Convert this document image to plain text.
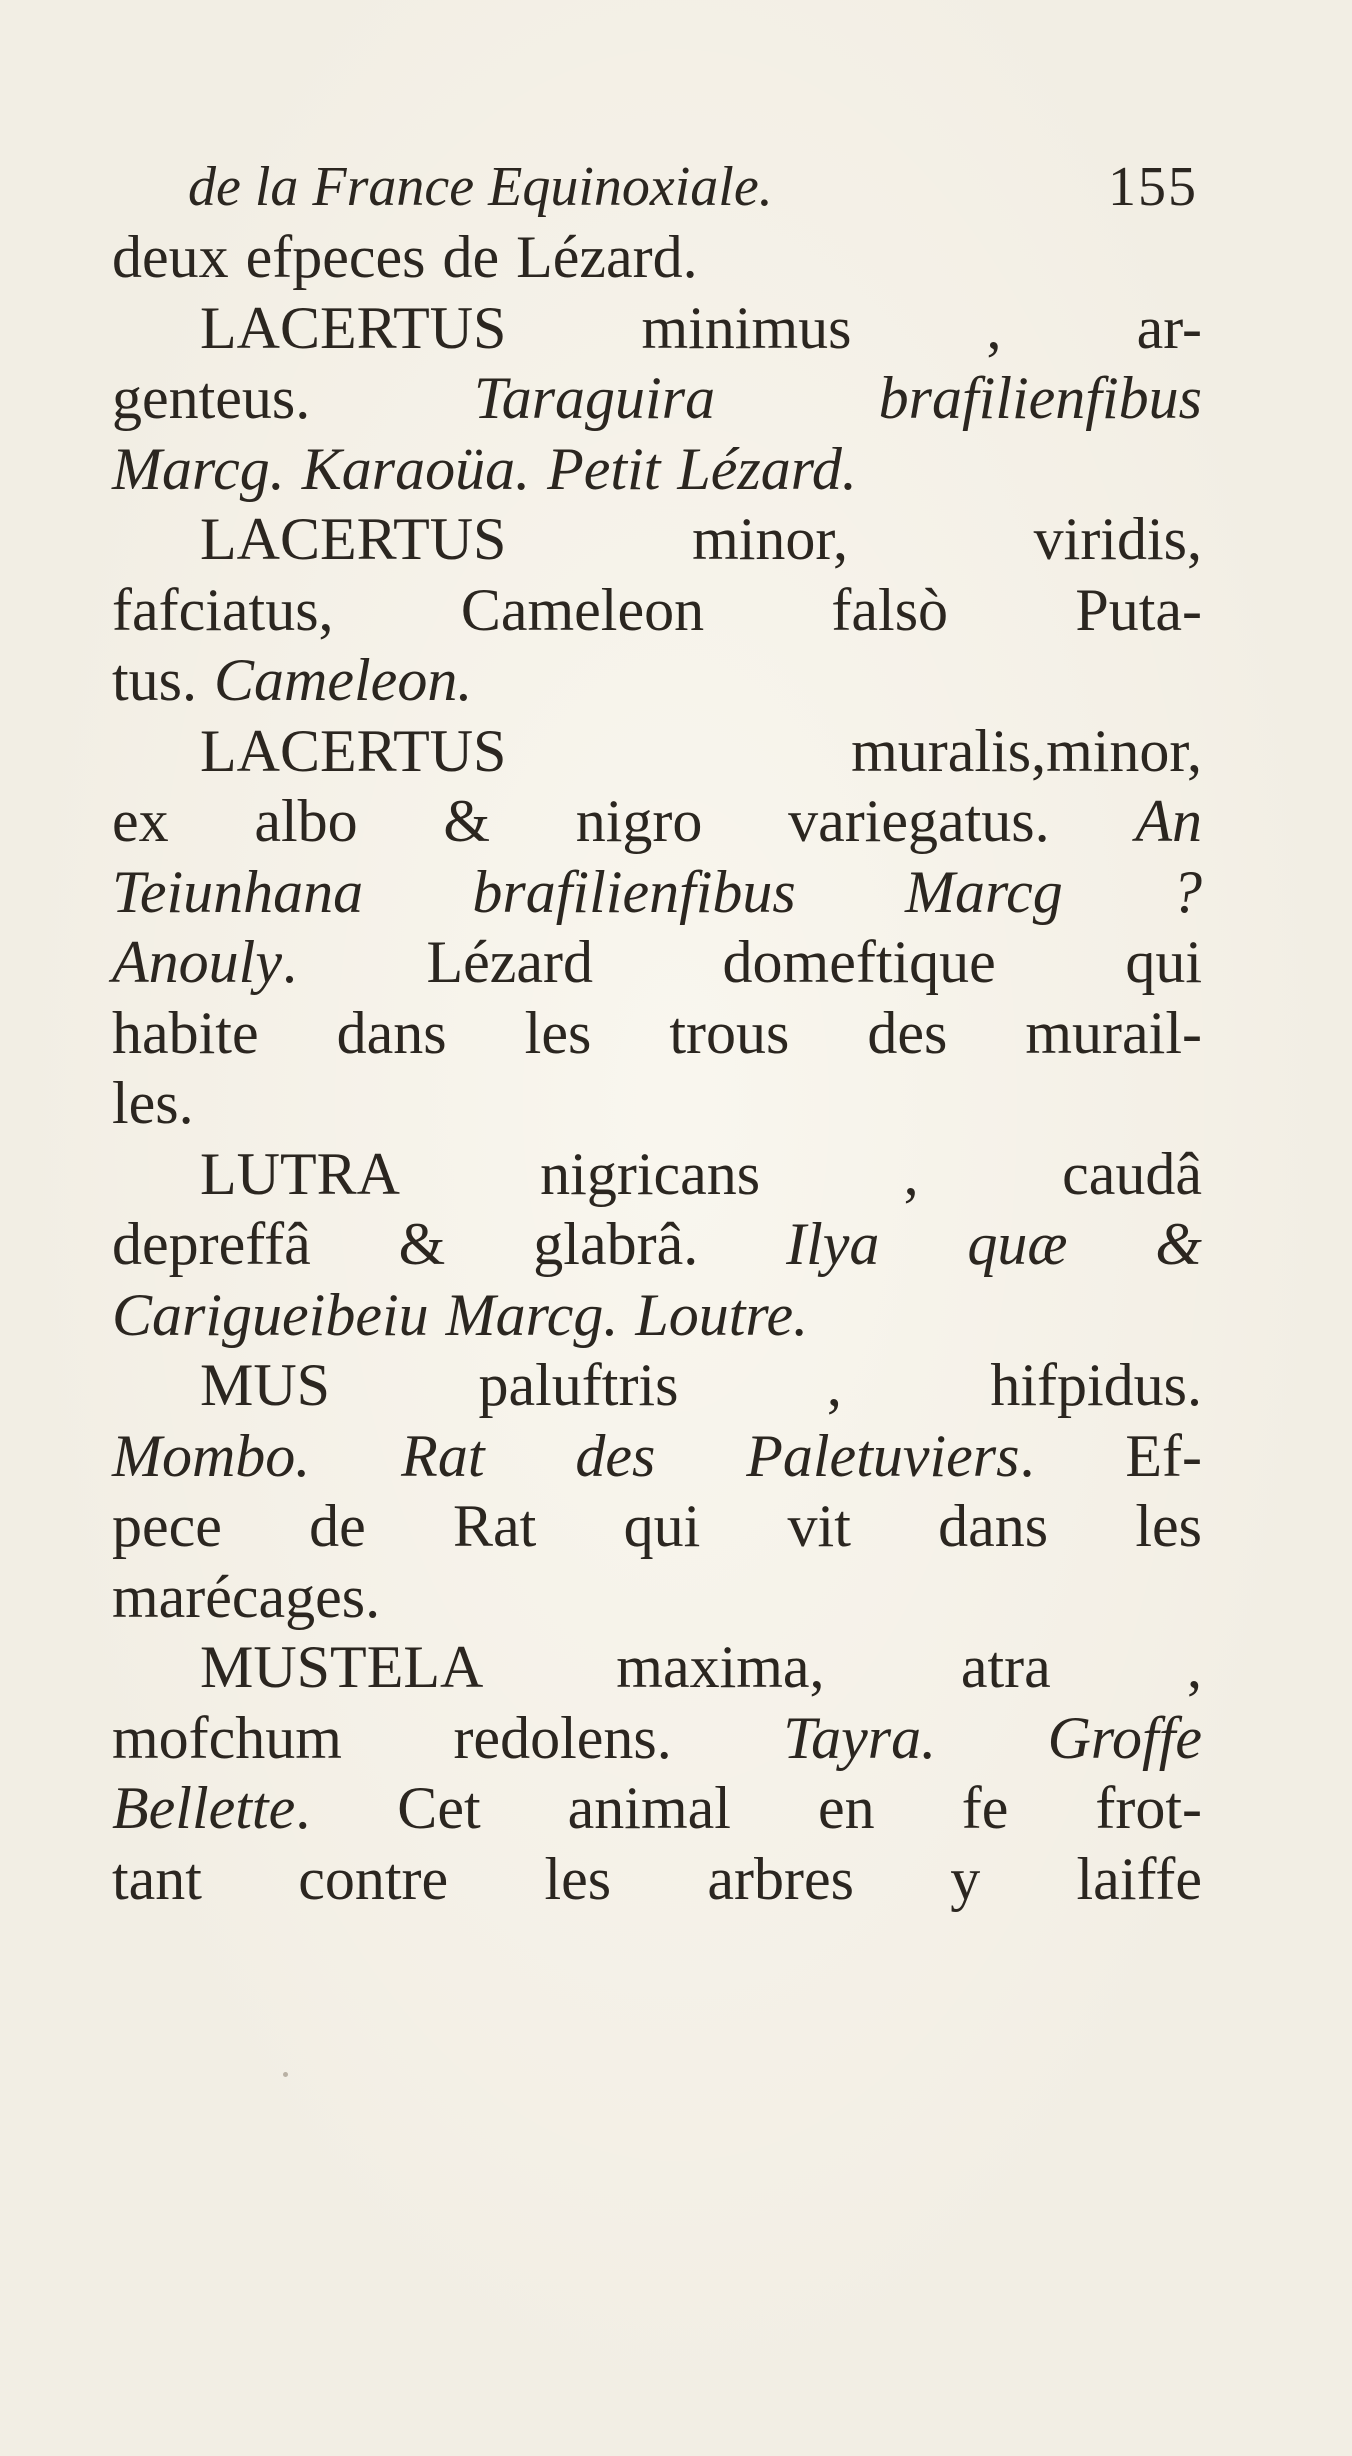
de la France Equinoxiale.	155
deux efpeces de Lézard.
LACERTUS minimus , ar-
genteus. Taraguira brafilienfibus
Marcg. Karaoüa. Petit Lézard.
LACERTUS minor, viridis,
fafciatus, Cameleon falsò Puta-
tus. Cameleon.
LACERTUS muralis,minor,
ex albo & nigro variegatus. An
Teiunhana brafilienfibus Marcg ?
Anouly. Lézard domeftique qui
habite dans les trous des murail-
les.
LUTRA nigricans , caudâ
depreffâ & glabrâ. Ilya quæ &
Carigueibeiu Marcg. Loutre.
MUS paluftris , hifpidus.
Mombo. Rat des Paletuviers. Ef-
pece de Rat qui vit dans les
marécages.
MUSTELA maxima, atra ,
mofchum redolens. Tayra. Groffe
Bellette. Cet animal en fe frot-
tant contre les arbres y laiffe
